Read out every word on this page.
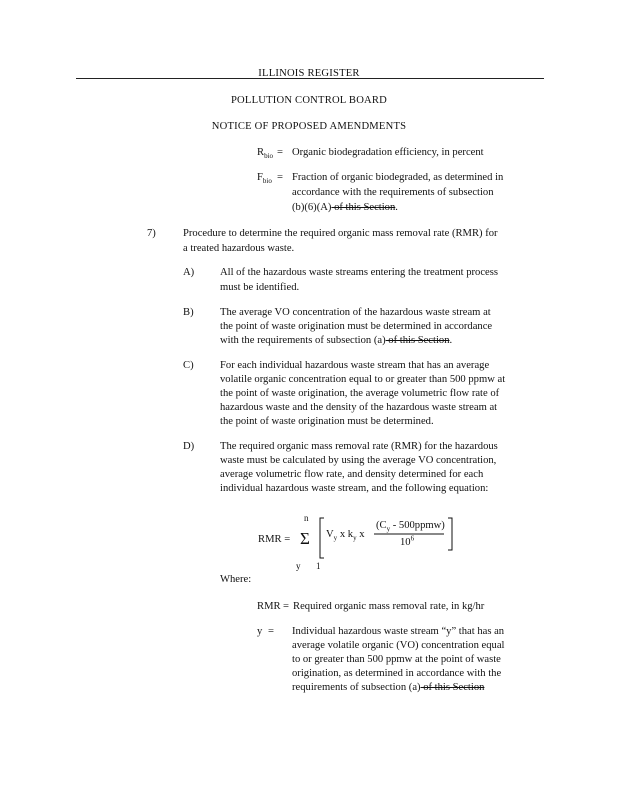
ILLINOIS REGISTER
POLLUTION CONTROL BOARD
NOTICE OF PROPOSED AMENDMENTS
$R_{bio}$ = Organic biodegradation efficiency, in percent
$F_{bio}$ = Fraction of organic biodegraded, as determined in
accordance with the requirements of subsection
(b)(6)(A) of this Section.
7)	Procedure to determine the required organic mass removal rate (RMR) for
a treated hazardous waste.
A) All of the hazardous waste streams entering the treatment process
must be identified.
B) The average VO concentration of the hazardous waste stream at
the point of waste origination must be determined in accordance
with the requirements of subsection (a) of this Section.
C) For each individual hazardous waste stream that has an average
volatile organic concentration equal to or greater than 500 ppmw at
the point of waste origination, the average volumetric flow rate of
hazardous waste and the density of the hazardous waste stream at
the point of waste origination must be determined.
D) The required organic mass removal rate (RMR) for the hazardous
waste must be calculated by using the average VO concentration,
average volumetric flow rate, and density determined for each
individual hazardous waste stream, and the following equation:
RMR =
n
Σ
y 1
$V_y$ x $k_y$ x
($C_y$ - 500ppmw)
$10^6$
Where:
RMR = Required organic mass removal rate, in kg/hr
y = Individual hazardous waste stream “y” that has an
average volatile organic (VO) concentration equal
to or greater than 500 ppmw at the point of waste
origination, as determined in accordance with the
requirements of subsection (a) of this Section
